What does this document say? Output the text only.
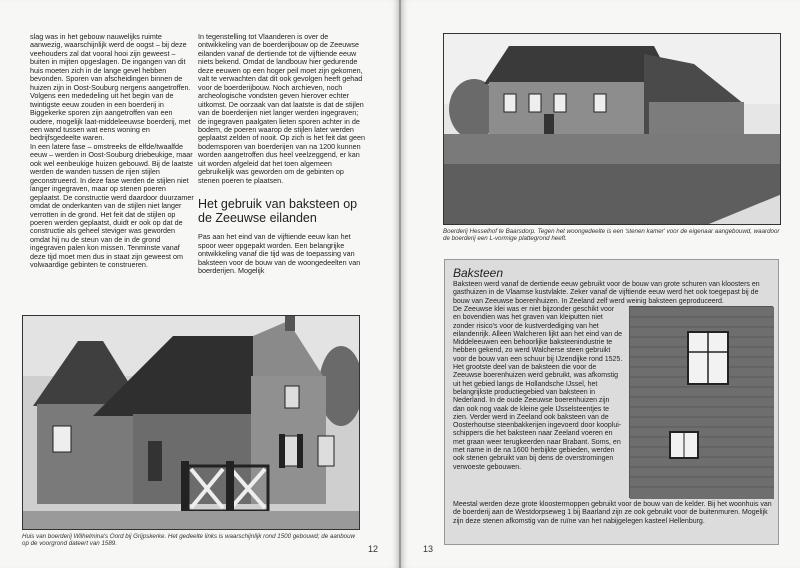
slag was in het gebouw nauwelijks ruimte aanwezig, waarschijnlijk werd de oogst – bij deze veehouders zal dat vooral hooi zijn geweest – buiten in mijten opgeslagen. De ingangen van dit huis moeten zich in de lange gevel hebben bevonden. Sporen van afscheidingen binnen de huizen zijn in Oost-Souburg nergens aangetroffen. Volgens een mededeling uit het begin van de twintigste eeuw zouden in een boerderij in Biggekerke sporen zijn aangetroffen van een oudere, mogelijk laat-middeleeuwse boerderij, met een wand tussen wat eens woning en bedrijfsgedeelte waren.

In een latere fase – omstreeks de elfde/twaalfde eeuw – werden in Oost-Souburg driebeukige, maar ook wel eenbeukige huizen gebouwd. Bij de laatste werden de wanden tussen de rijen stijlen geconstrueerd. In deze fase werden de stijlen niet langer ingegraven, maar op stenen poeren geplaatst. De constructie werd daardoor duurzamer omdat de onderkanten van de stijlen niet langer verrotten in de grond. Het feit dat de stijlen op poeren werden geplaatst, duidt er ook op dat de constructie als geheel steviger was geworden omdat hij nu de steun van de in de grond ingegraven palen kon missen. Tenminste vanaf deze tijd moet men dus in staat zijn geweest om volwaardige gebinten te construeren.

In tegenstelling tot Vlaanderen is over de ontwikkeling van de boerderijbouw op de Zeeuwse eilanden vanaf de dertiende tot de vijftiende eeuw niets bekend. Omdat de landbouw hier gedurende deze eeuwen op een hoger peil moet zijn gekomen, valt te verwachten dat dit ook gevolgen heeft gehad voor de boerderijbouw. Noch archieven, noch archeologische vondsten geven hierover echter uitkomst. De oorzaak van dat laatste is dat de stijlen van de boerderijen niet langer werden ingegraven; de ingegraven paalgaten lieten sporen achter in de bodem, de poeren waarop de stijlen later werden geplaatst zelden of nooit. Op zich is het feit dat geen bodemsporen van boerderijen van na 1200 kunnen worden aangetroffen dus heel veelzeggend, er kan uit worden afgeleid dat het toen algemeen gebruikelijk was geworden om de gebinten op stenen poeren te plaatsen.

Het gebruik van baksteen op de Zeeuwse eilanden

Pas aan het eind van de vijftiende eeuw kan het spoor weer opgepakt worden. Een belangrijke ontwikkeling vanaf die tijd was de toepassing van baksteen voor de bouw van de woongedeelten van boerderijen. Mogelijk

Huis van boerderij Wilhelmina's Oord bij Grijpskerke. Het gedeelte links is waarschijnlijk rond 1500 gebouwd; de aanbouw op de voorgrond dateert van 1589.
12
Boerderij Hesselhof te Baarsdorp. Tegen het woongedeelte is een 'stenen kamer' voor de eigenaar aangebouwd, waardoor de boerderij een L-vormige plattegrond heeft.
13
Baksteen
Baksteen werd vanaf de dertiende eeuw gebruikt voor de bouw van grote schuren van kloosters en gasthuizen in de Vlaamse kustvlakte. Zeker vanaf de vijftiende eeuw werd het ook toegepast bij de bouw van Zeeuwse boerenhuizen. In Zeeland zelf werd weinig baksteen geproduceerd.
De Zeeuwse klei was er niet bijzonder geschikt voor en bovendien was het graven van kleiputten niet zonder risico's voor de kustverdediging van het eilandenrijk. Alleen Walcheren lijkt aan het eind van de Middeleeuwen een behoorlijke baksteenindustrie te hebben gekend, zo werd Walcherse steen gebruikt voor de bouw van een schuur bij IJzendijke rond 1525. Het grootste deel van de baksteen die voor de Zeeuwse boerenhuizen werd gebruikt, was afkomstig uit het gebied langs de Hollandsche IJssel, het belangrijkste productiegebied van baksteen in Nederland. In de oude Zeeuwse boerenhuizen zijn dan ook nog vaak de kleine gele IJsselsteentjes te zien. Verder werd in Zeeland ook baksteen van de Oosterhoutse steenbakkerijen ingevoerd door kooplui-schippers die het baksteen naar Zeeland voeren en met graan weer terugkeerden naar Brabant. Soms, en met name in de na 1600 herbijkte gebieden, werden ook stenen gebruikt van bij dens de overstromingen verwoeste gebouwen.
Meestal werden deze grote kloostermoppen gebruikt voor de bouw van de kelder. Bij het woonhuis van de boerderij aan de Westdorpseweg 1 bij Baarland zijn ze ook gebruikt voor de buitenmuren. Mogelijk zijn deze stenen afkomstig van de ruïne van het nabijgelegen kasteel Hellenburg.
